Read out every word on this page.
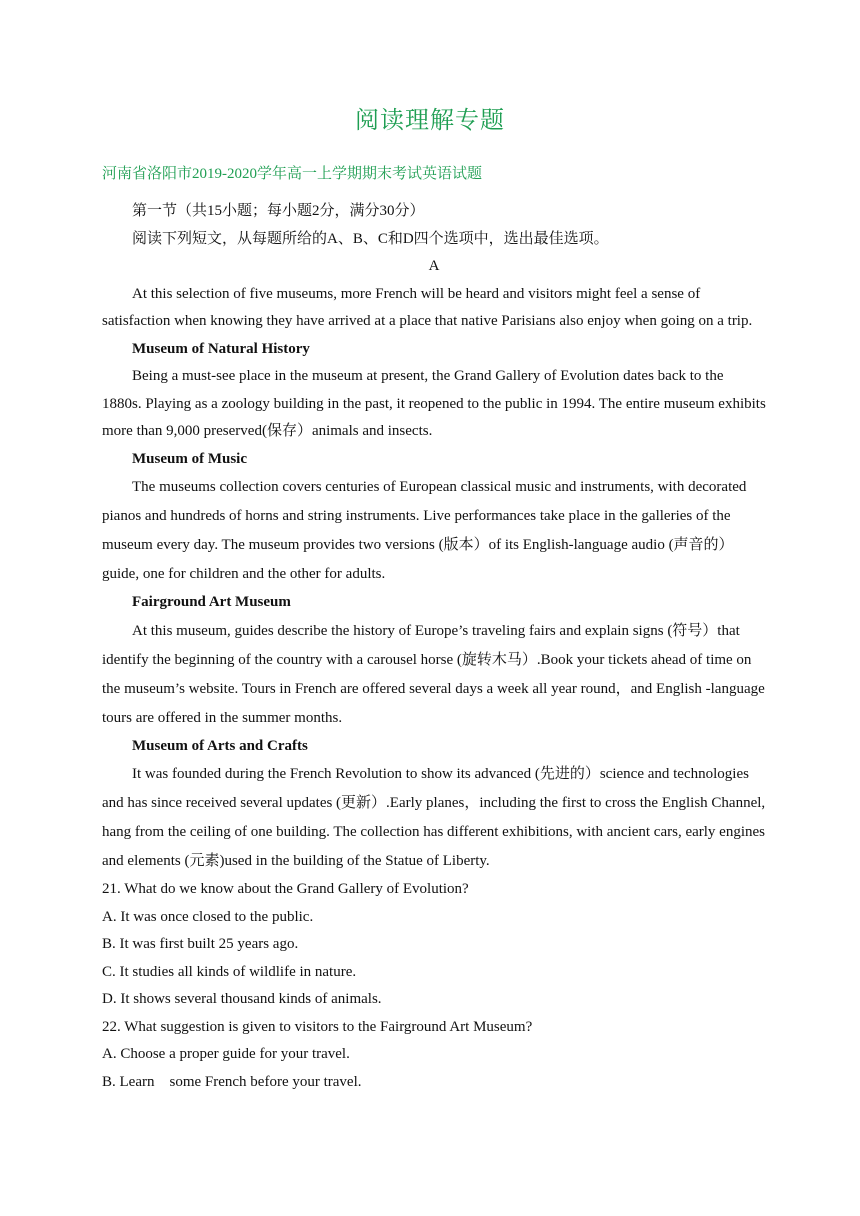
阅读理解专题
河南省洛阳市2019-2020学年高一上学期期末考试英语试题

第一节（共15小题；每小题2分，满分30分）

阅读下列短文，从每题所给的A、B、C和D四个选项中，选出最佳选项。

A

At this selection of five museums, more French will be heard and visitors might feel a sense of satisfaction when knowing they have arrived at a place that native Parisians also enjoy when going on a trip.

Museum of Natural History

Being a must-see place in the museum at present, the Grand Gallery of Evolution dates back to the 1880s. Playing as a zoology building in the past, it reopened to the public in 1994. The entire museum exhibits more than 9,000 preserved(保存）animals and insects.

Museum of Music

The museums collection covers centuries of European classical music and instruments, with decorated pianos and hundreds of horns and string instruments. Live performances take place in the galleries of the museum every day. The museum provides two versions (版本）of its English-language audio (声音的）guide, one for children and the other for adults.

Fairground Art Museum

At this museum, guides describe the history of Europe’s traveling fairs and explain signs (符号）that identify the beginning of the country with a carousel horse (旋转木马）.Book your tickets ahead of time on the museum’s website. Tours in French are offered several days a week all year round，and English -language tours are offered in the summer months.

Museum of Arts and Crafts

It was founded during the French Revolution to show its advanced (先进的）science and technologies and has since received several updates (更新）.Early planes，including the first to cross the English Channel, hang from the ceiling of one building. The collection has different exhibitions, with ancient cars, early engines and elements (元素)used in the building of the Statue of Liberty.

21. What do we know about the Grand Gallery of Evolution?

A. It was once closed to the public.

B. It was first built 25 years ago.

C. It studies all kinds of wildlife in nature.

D. It shows several thousand kinds of animals.

22. What suggestion is given to visitors to the Fairground Art Museum?

A. Choose a proper guide for your travel.

B. Learn    some French before your travel.
